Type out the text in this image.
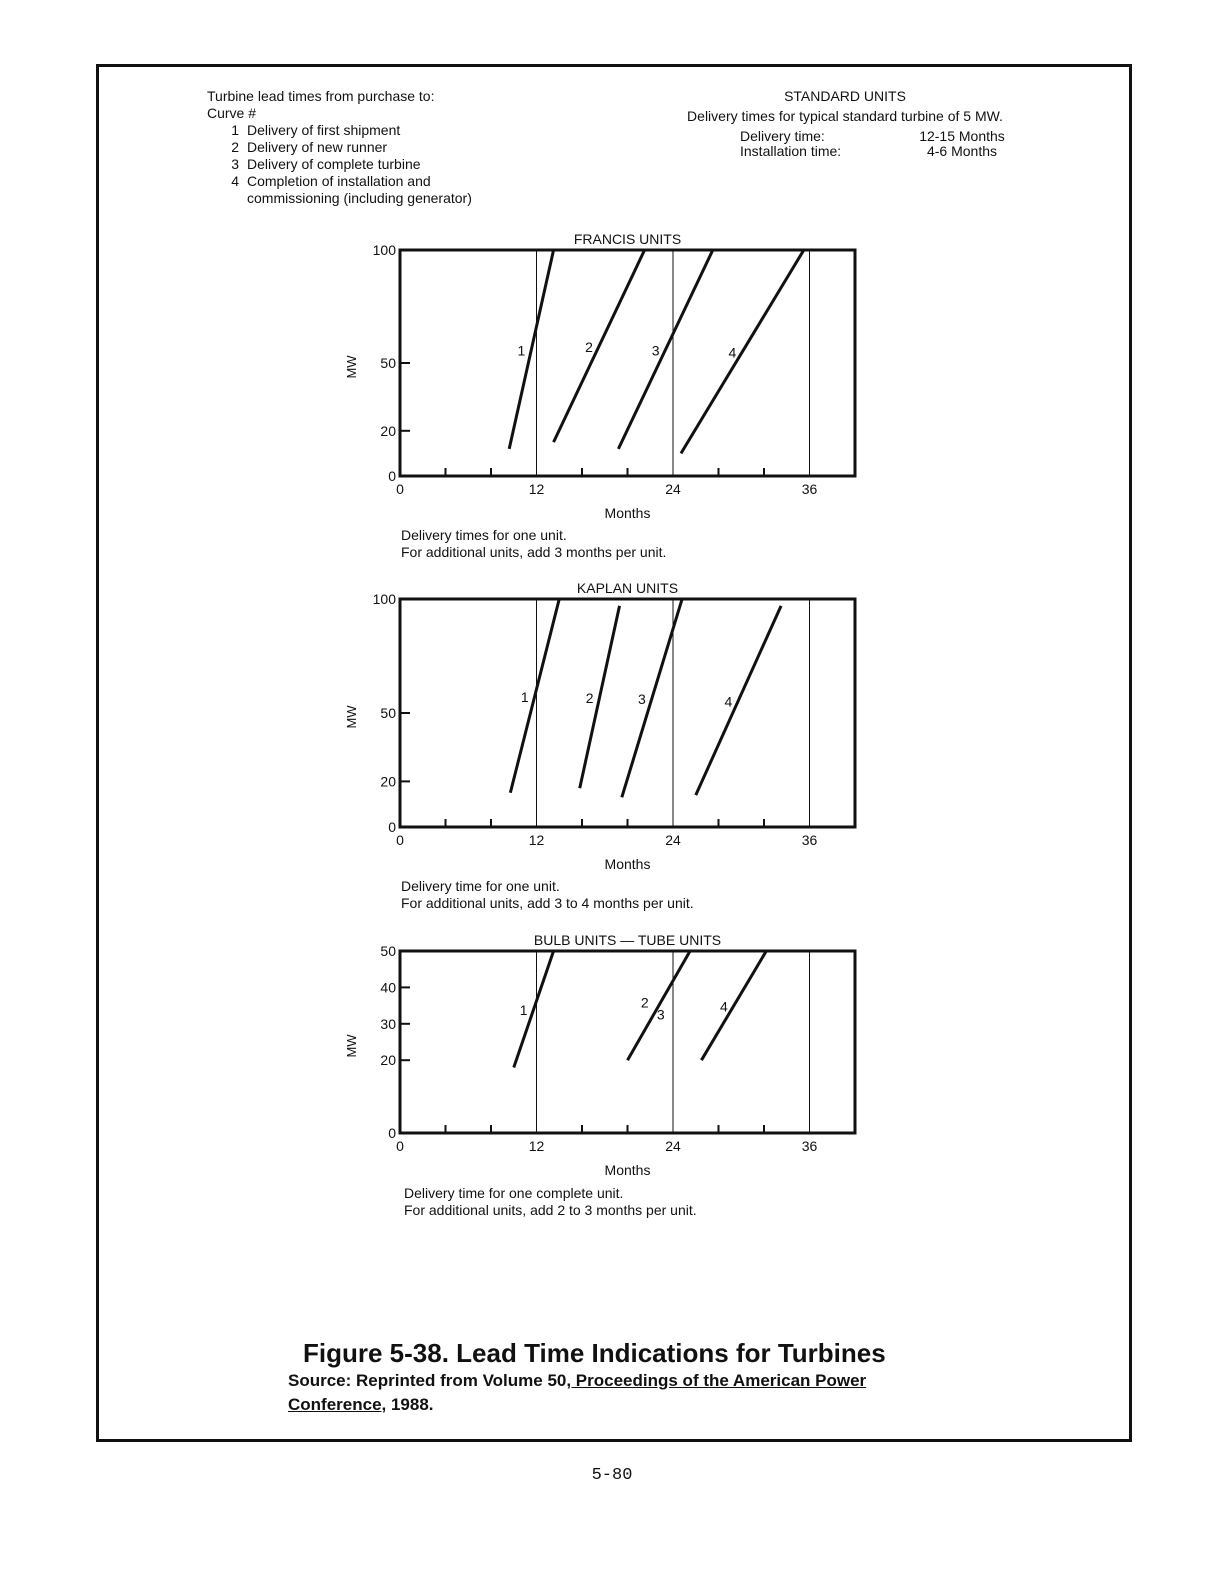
Turbine lead times from purchase to:
Curve #
1 Delivery of first shipment
2 Delivery of new runner
3 Delivery of complete turbine
4 Completion of installation and
commissioning (including generator)
STANDARD UNITS
Delivery times for typical standard turbine of 5 MW.
Delivery time:	12-15 Months
Installation time:	4-6 Months
FRANCIS UNITS
0
20
50
100
0	12	24	36
Months
MW
1	2	3	4
Delivery times for one unit.
For additional units, add 3 months per unit.
KAPLAN UNITS
0
20
50
100
0	12	24	36
Months
MW
1	2	3	4
Delivery time for one unit.
For additional units, add 3 to 4 months per unit.
BULB UNITS — TUBE UNITS
0
20
30
40
50
0	12	24	36
Months
MW
1	2
3	4
Delivery time for one complete unit.
For additional units, add 2 to 3 months per unit.
Figure 5-38. Lead Time Indications for Turbines
Source: Reprinted from Volume 50, Proceedings of the American Power
Conference, 1988.
5-80
